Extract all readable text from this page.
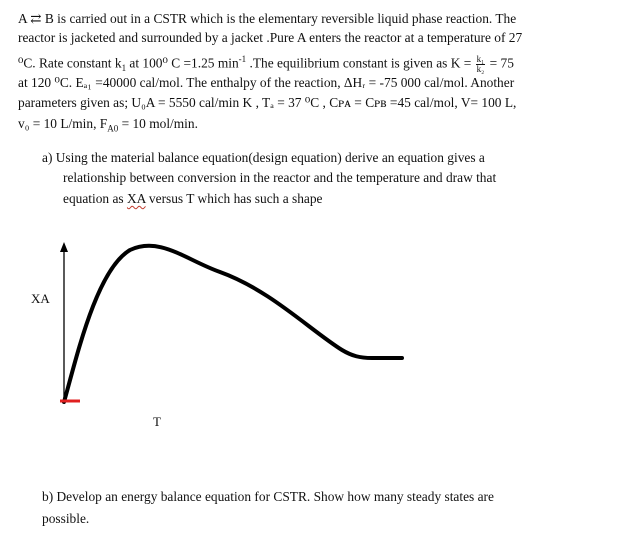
A ⇄ B is carried out in a CSTR which is the elementary reversible liquid phase reaction. The
reactor is jacketed and surrounded by a jacket .Pure A enters the reactor at a temperature of 27
⁰C. Rate constant $k_1$ at 100⁰ C =1.25 $\min^{-1} .The$ equilibrium constant is given as $K = \frac{\text{k₁}}{\text{k₂}} = 75$
at 120 ⁰C. Eₐ₁ =40000 cal/mol. The enthalpy of the reaction, ΔHᵣ = -75 000 cal/mol. Another
parameters given as; U₀A = 5550 cal/min K , Tₐ = 37 ⁰C , Cᴘᴀ = Cᴘʙ =45 cal/mol, V= 100 L,
v₀ = 10 L/min, $F_{A0} = 10$ mol/min.
a) Using the material balance equation(design equation) derive an equation gives a
relationship between conversion in the reactor and the temperature and draw that
equation as XA versus T which has such a shape
XA
T
b) Develop an energy balance equation for CSTR. Show how many steady states are
possible.
